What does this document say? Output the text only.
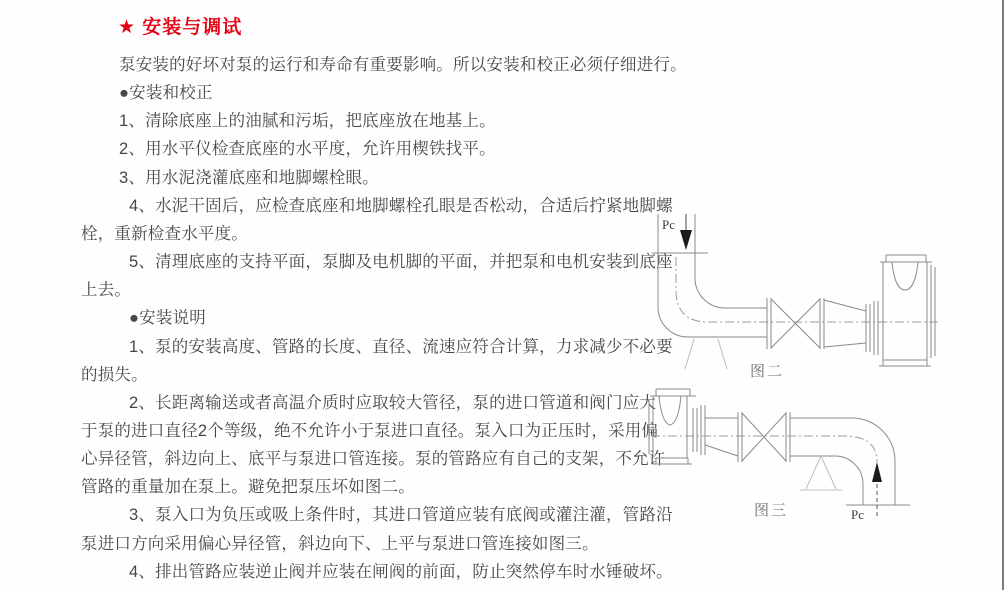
★ 安装与调试
泵安装的好坏对泵的运行和寿命有重要影响。所以安装和校正必须仔细进行。
●安装和校正
1、清除底座上的油腻和污垢，把底座放在地基上。
2、用水平仪检查底座的水平度，允许用楔铁找平。
3、用水泥浇灌底座和地脚螺栓眼。
4、水泥干固后，应检查底座和地脚螺栓孔眼是否松动，合适后拧紧地脚螺
栓，重新检查水平度。
5、清理底座的支持平面，泵脚及电机脚的平面，并把泵和电机安装到底座
上去。
●安装说明
1、泵的安装高度、管路的长度、直径、流速应符合计算，力求减少不必要
的损失。
2、长距离输送或者高温介质时应取较大管径，泵的进口管道和阀门应大
于泵的进口直径2个等级，绝不允许小于泵进口直径。泵入口为正压时，采用偏
心异径管，斜边向上、底平与泵进口管连接。泵的管路应有自己的支架，不允许
管路的重量加在泵上。避免把泵压坏如图二。
3、泵入口为负压或吸上条件时，其进口管道应装有底阀或灌注灌，管路沿
泵进口方向采用偏心异径管，斜边向下、上平与泵进口管连接如图三。
4、排出管路应装逆止阀并应装在闸阀的前面，防止突然停车时水锤破坏。
Pc
图二
Pc
图三
